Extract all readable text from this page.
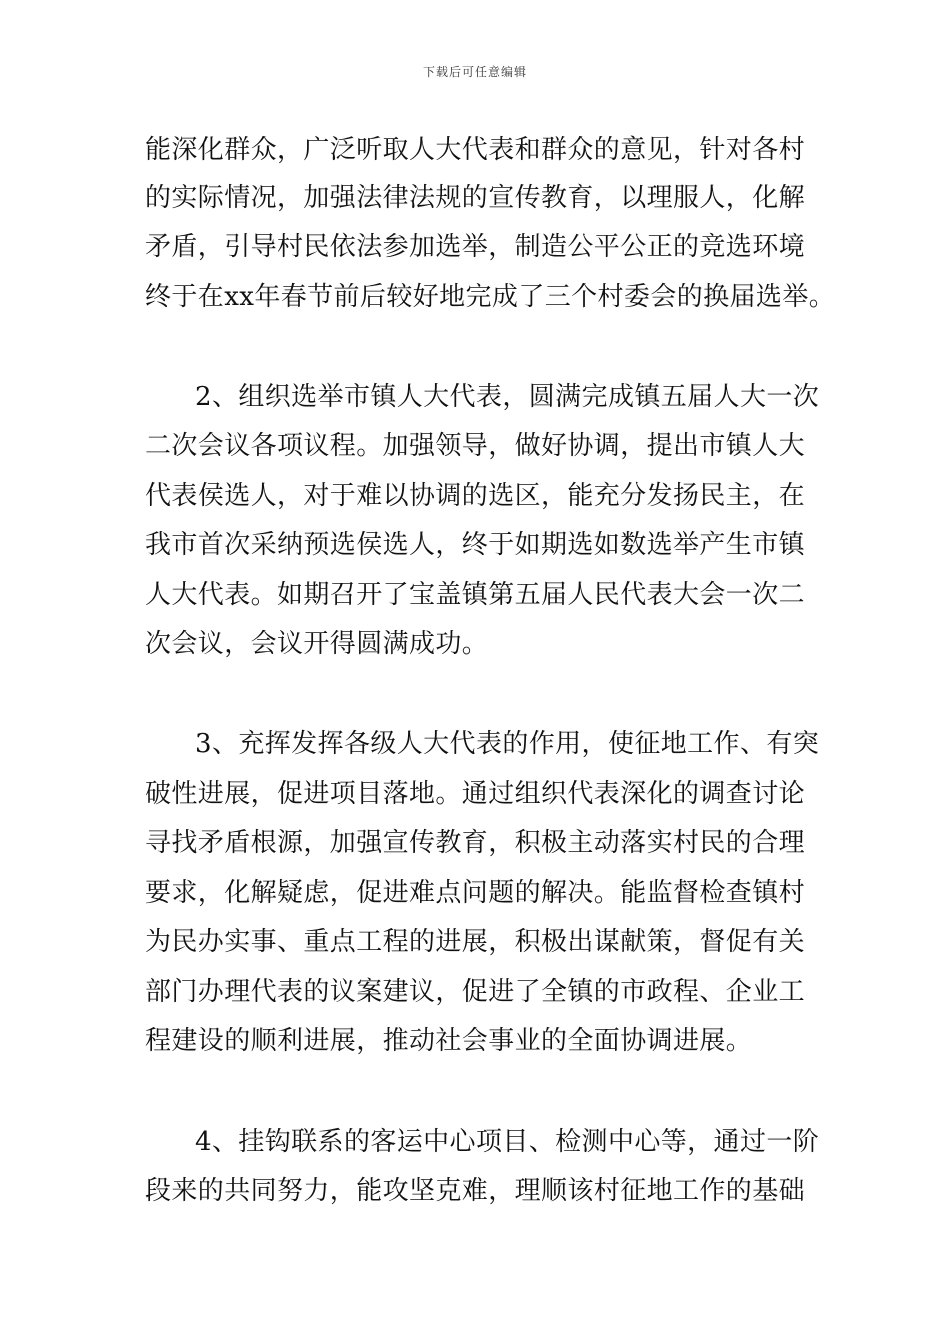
下载后可任意编辑
能深化群众，广泛听取人大代表和群众的意见，针对各村
的实际情况，加强法律法规的宣传教育，以理服人，化解
矛盾，引导村民依法参加选举，制造公平公正的竞选环境
终于在xx年春节前后较好地完成了三个村委会的换届选举。
2、组织选举市镇人大代表，圆满完成镇五届人大一次
二次会议各项议程。加强领导，做好协调，提出市镇人大
代表侯选人，对于难以协调的选区，能充分发扬民主，在
我市首次采纳预选侯选人，终于如期选如数选举产生市镇
人大代表。如期召开了宝盖镇第五届人民代表大会一次二
次会议，会议开得圆满成功。
3、充挥发挥各级人大代表的作用，使征地工作、有突
破性进展，促进项目落地。通过组织代表深化的调查讨论
寻找矛盾根源，加强宣传教育，积极主动落实村民的合理
要求，化解疑虑，促进难点问题的解决。能监督检查镇村
为民办实事、重点工程的进展，积极出谋献策，督促有关
部门办理代表的议案建议，促进了全镇的市政程、企业工
程建设的顺利进展，推动社会事业的全面协调进展。
4、挂钩联系的客运中心项目、检测中心等，通过一阶
段来的共同努力，能攻坚克难，理顺该村征地工作的基础
